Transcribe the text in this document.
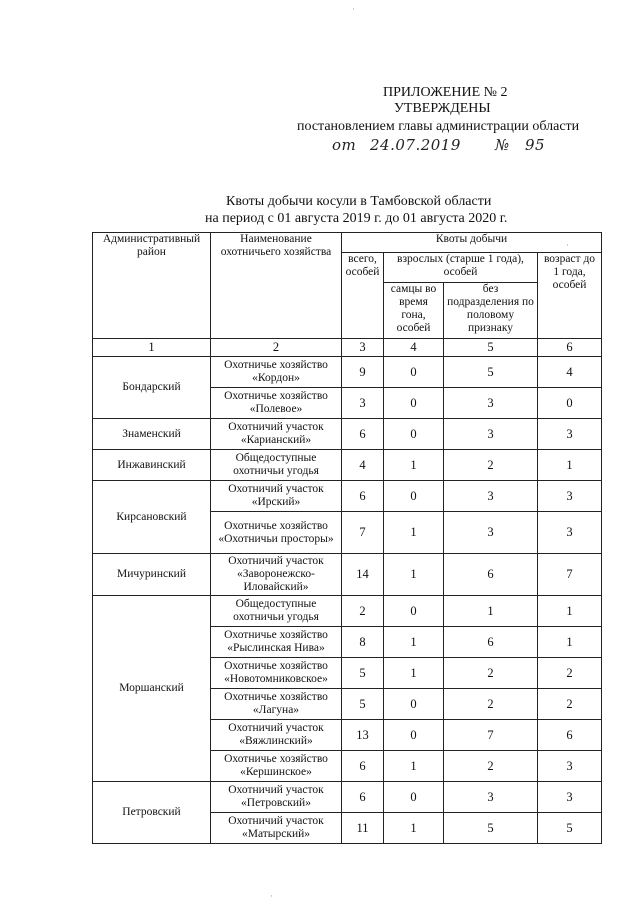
ПРИЛОЖЕНИЕ № 2
УТВЕРЖДЕНЫ
постановлением главы администрации области
от 24.07.2019 № 95
Квоты добычи косули в Тамбовской области
на период с 01 августа 2019 г. до 01 августа 2020 г.
Административный район	Наименование охотничьего хозяйства	Квоты добычи			
		всего, особей	взрослых (старше 1 года), особей		возраст до 1 года, особей
			самцы во время гона, особей	без подразделения по половому признаку	
1	2	3	4	5	6
Бондарский	Охотничье хозяйство «Кордон»	9	0	5	4
	Охотничье хозяйство «Полевое»	3	0	3	0
Знаменский	Охотничий участок «Карианский»	6	0	3	3
Инжавинский	Общедоступные охотничьи угодья	4	1	2	1
Кирсановский	Охотничий участок «Ирский»	6	0	3	3
	Охотничье хозяйство «Охотничьи просторы»	7	1	3	3
Мичуринский	Охотничий участок «Заворонежско-Иловайский»	14	1	6	7
Моршанский	Общедоступные охотничьи угодья	2	0	1	1
	Охотничье хозяйство «Рыслинская Нива»	8	1	6	1
	Охотничье хозяйство «Новотомниковское»	5	1	2	2
	Охотничье хозяйство «Лагуна»	5	0	2	2
	Охотничий участок «Вяжлинский»	13	0	7	6
	Охотничье хозяйство «Кершинское»	6	1	2	3
Петровский	Охотничий участок «Петровский»	6	0	3	3
	Охотничий участок «Матырский»	11	1	5	5
·
·
·
